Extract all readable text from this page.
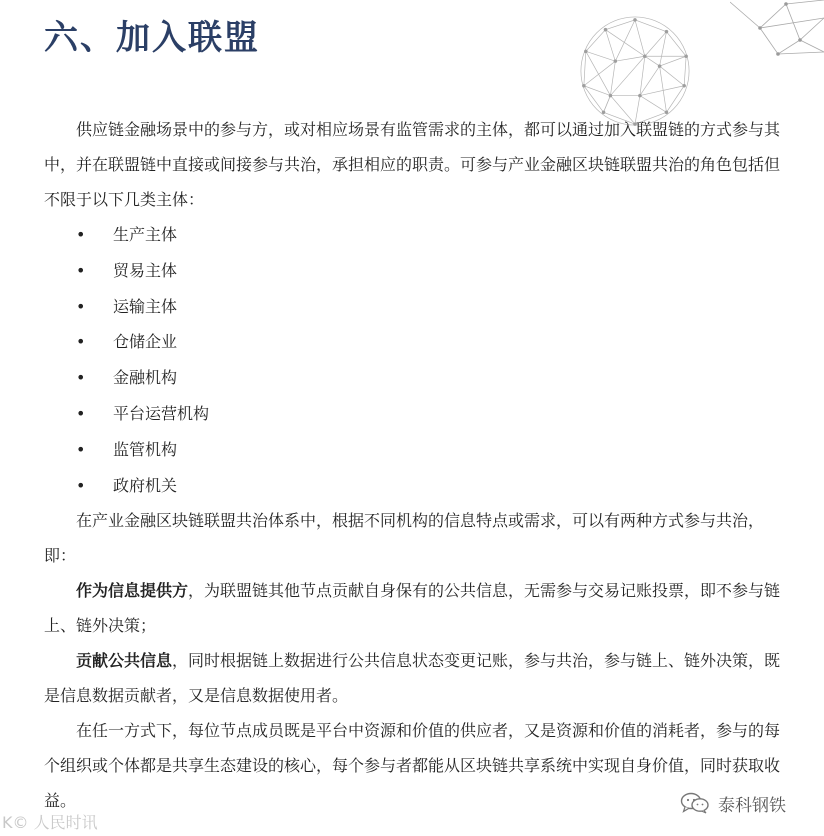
六、加入联盟

供应链金融场景中的参与方，或对相应场景有监管需求的主体，都可以通过加入联盟链的方式参与其中，并在联盟链中直接或间接参与共治，承担相应的职责。可参与产业金融区块链联盟共治的角色包括但不限于以下几类主体：

• 生产主体
• 贸易主体
• 运输主体
• 仓储企业
• 金融机构
• 平台运营机构
• 监管机构
• 政府机关

在产业金融区块链联盟共治体系中，根据不同机构的信息特点或需求，可以有两种方式参与共治，即：

作为信息提供方，为联盟链其他节点贡献自身保有的公共信息，无需参与交易记账投票，即不参与链上、链外决策；

贡献公共信息，同时根据链上数据进行公共信息状态变更记账，参与共治，参与链上、链外决策，既是信息数据贡献者，又是信息数据使用者。

在任一方式下，每位节点成员既是平台中资源和价值的供应者，又是资源和价值的消耗者，参与的每个组织或个体都是共享生态建设的核心，每个参与者都能从区块链共享系统中实现自身价值，同时获取收益。

K© 人民时讯
泰科钢铁
